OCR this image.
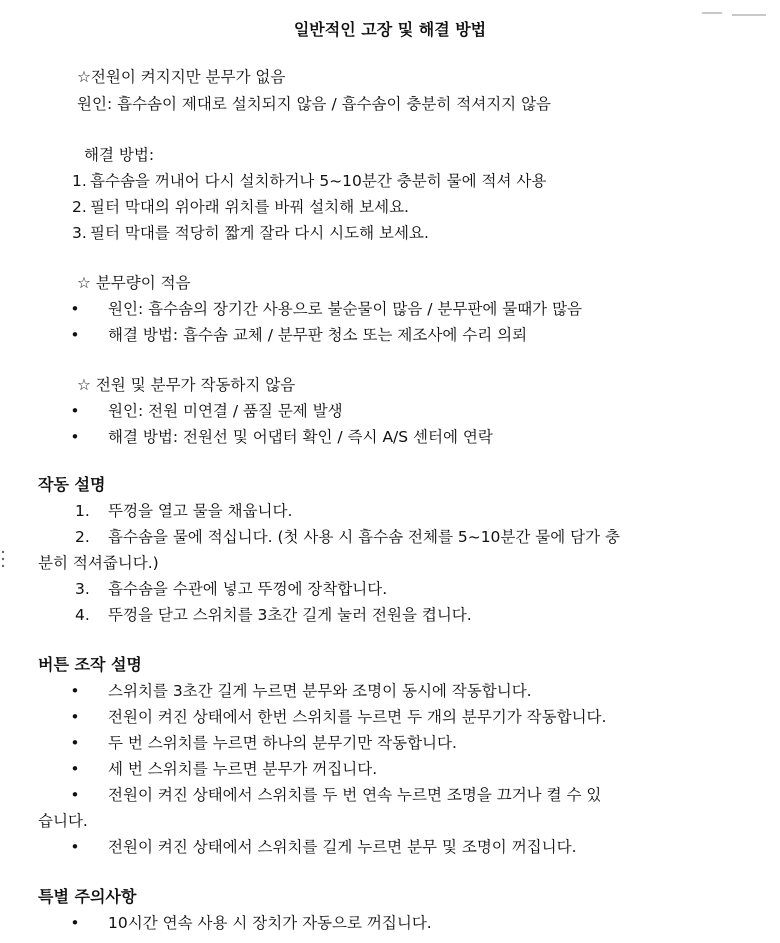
일반적인 고장 및 해결 방법
☆전원이 켜지지만 분무가 없음
원인: 흡수솜이 제대로 설치되지 않음 / 흡수솜이 충분히 적셔지지 않음
해결 방법:
1. 흡수솜을 꺼내어 다시 설치하거나 5~10분간 충분히 물에 적셔 사용
2. 필터 막대의 위아래 위치를 바꿔 설치해 보세요.
3. 필터 막대를 적당히 짧게 잘라 다시 시도해 보세요.
☆ 분무량이 적음
• 원인: 흡수솜의 장기간 사용으로 불순물이 많음 / 분무판에 물때가 많음
• 해결 방법: 흡수솜 교체 / 분무판 청소 또는 제조사에 수리 의뢰
☆ 전원 및 분무가 작동하지 않음
• 원인: 전원 미연결 / 품질 문제 발생
• 해결 방법: 전원선 및 어댑터 확인 / 즉시 A/S 센터에 연락
작동 설명
1. 뚜껑을 열고 물을 채웁니다.
2. 흡수솜을 물에 적십니다. (첫 사용 시 흡수솜 전체를 5~10분간 물에 담가 충
분히 적셔줍니다.)
3. 흡수솜을 수관에 넣고 뚜껑에 장착합니다.
4. 뚜껑을 닫고 스위치를 3초간 길게 눌러 전원을 켭니다.
버튼 조작 설명
• 스위치를 3초간 길게 누르면 분무와 조명이 동시에 작동합니다.
• 전원이 켜진 상태에서 한번 스위치를 누르면 두 개의 분무기가 작동합니다.
• 두 번 스위치를 누르면 하나의 분무기만 작동합니다.
• 세 번 스위치를 누르면 분무가 꺼집니다.
• 전원이 켜진 상태에서 스위치를 두 번 연속 누르면 조명을 끄거나 켤 수 있
습니다.
• 전원이 켜진 상태에서 스위치를 길게 누르면 분무 및 조명이 꺼집니다.
특별 주의사항
• 10시간 연속 사용 시 장치가 자동으로 꺼집니다.
